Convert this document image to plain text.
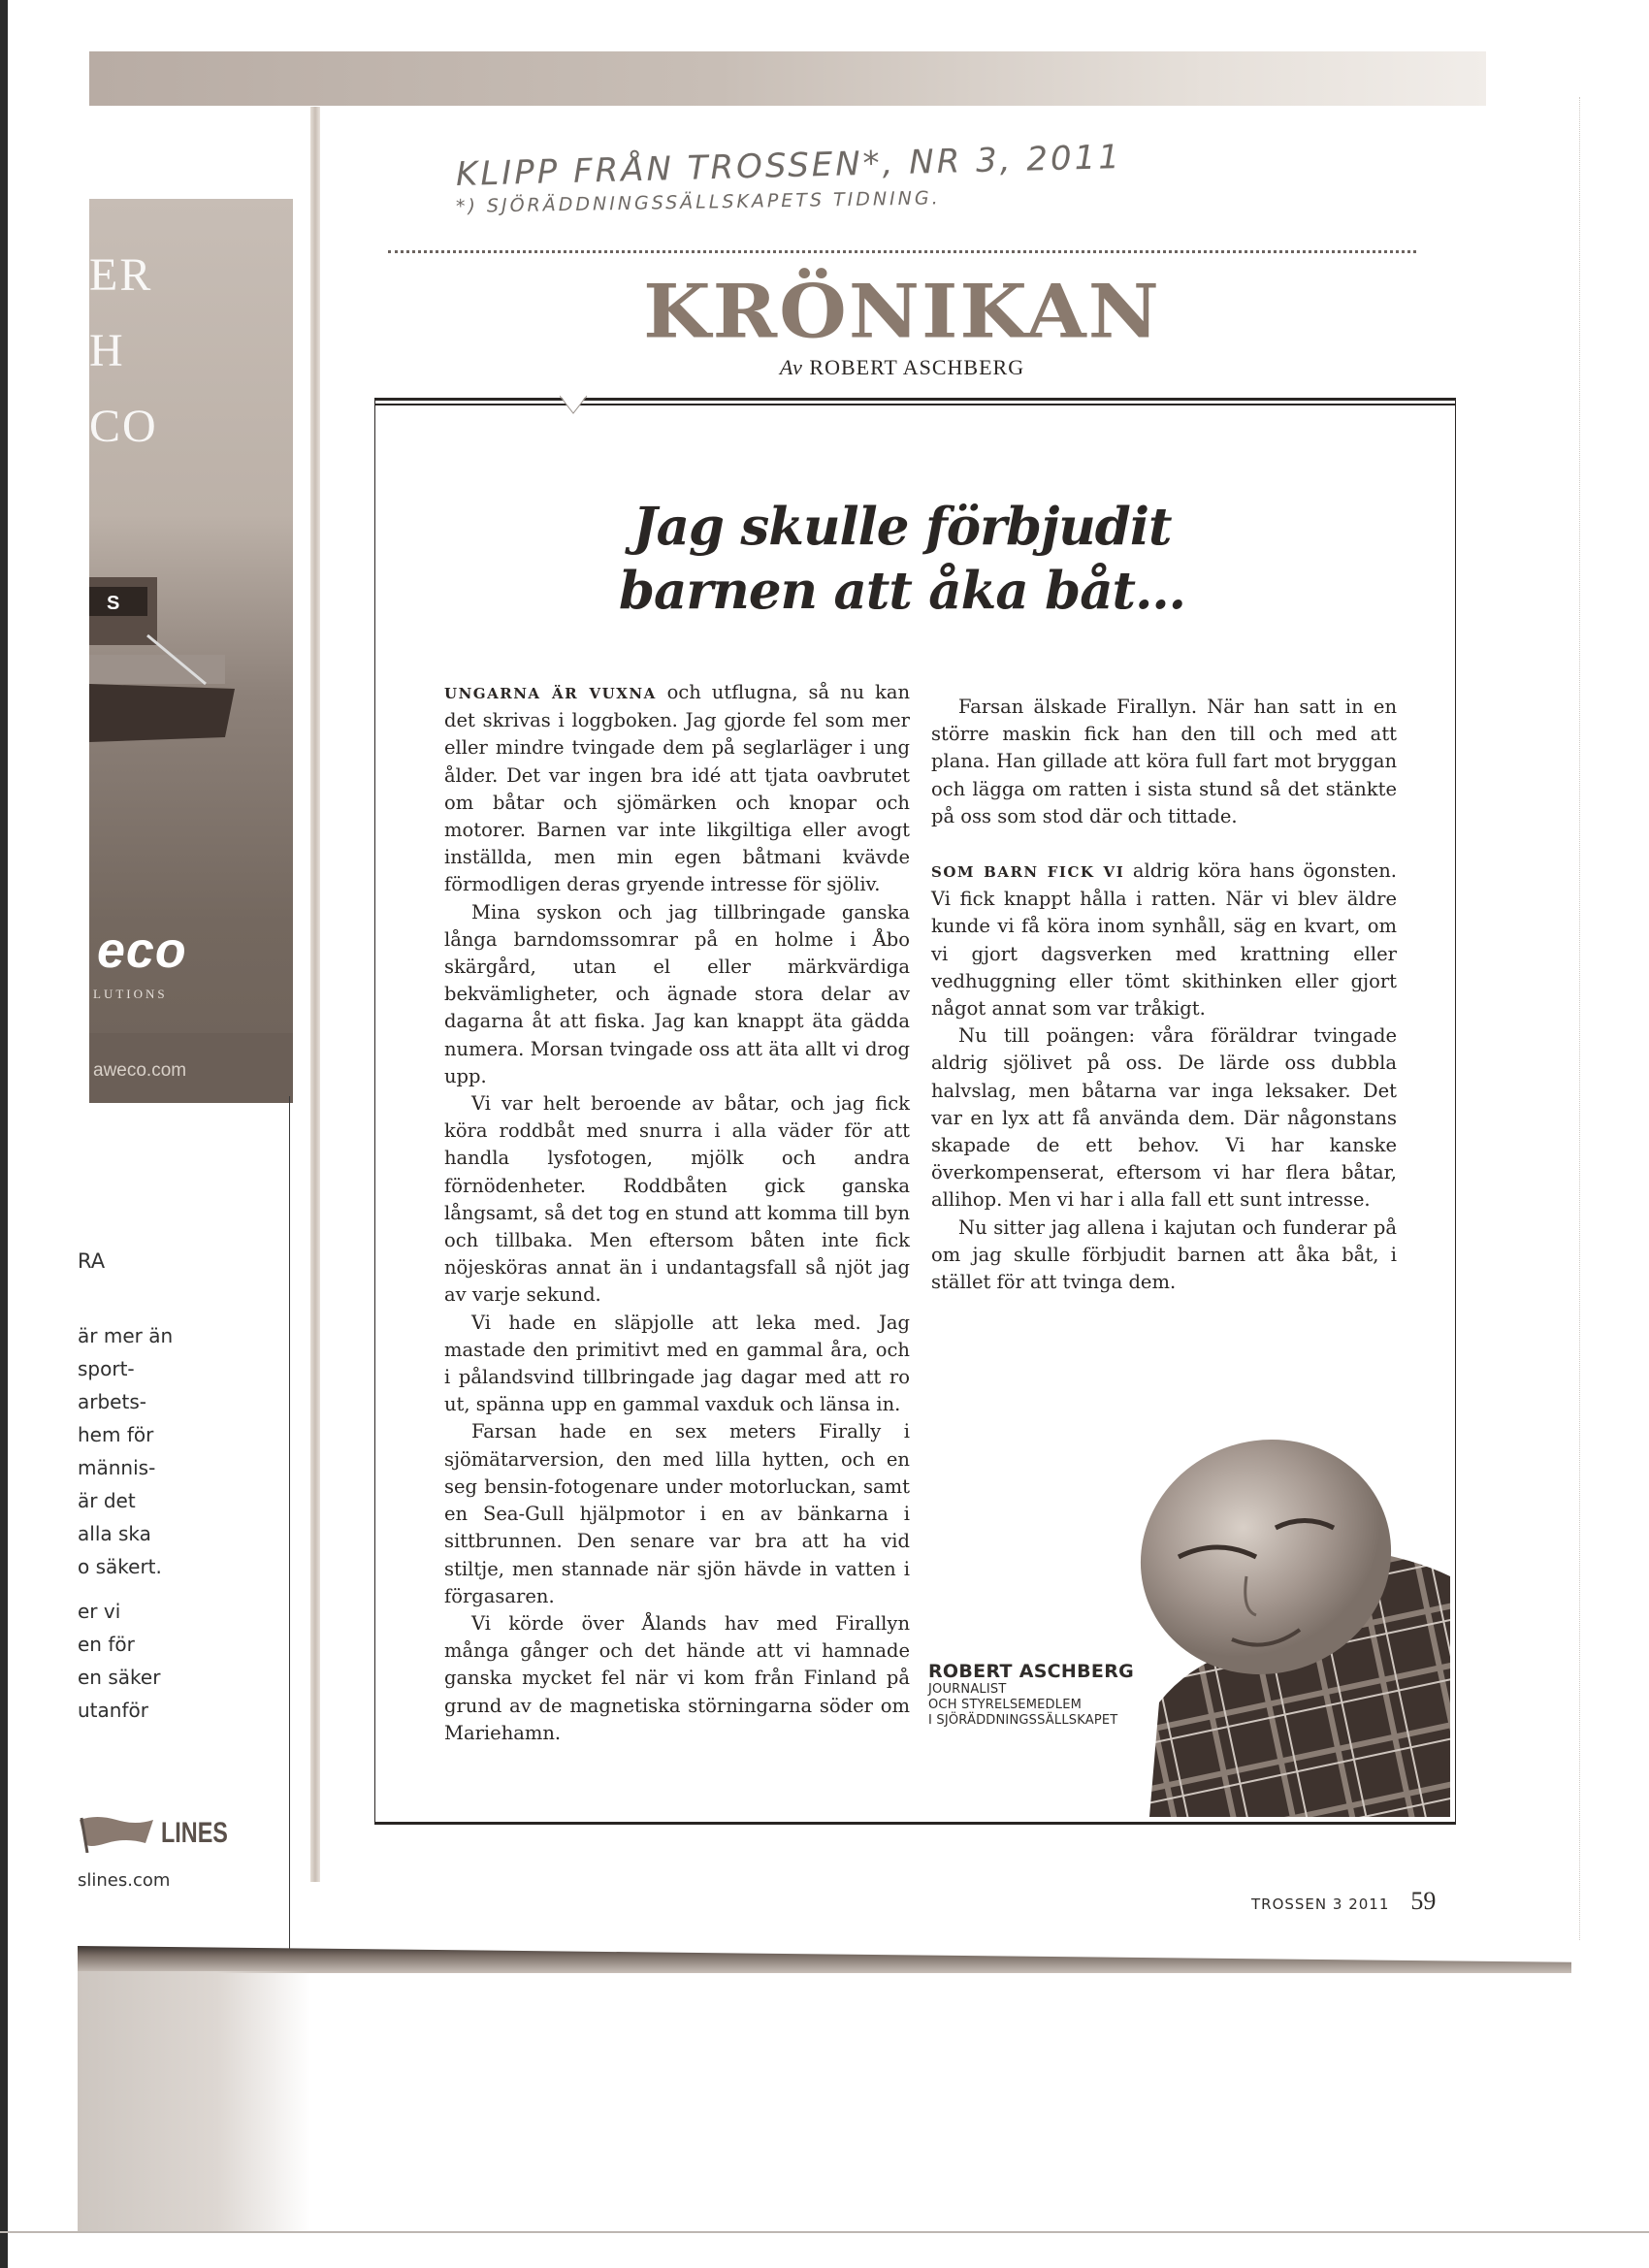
ER
H
CO
S
eco
LUTIONS
aweco.com
RA
är mer än
sport-
arbets-
hem för
männis-
är det
alla ska
o säkert.
er vi
en för
en säker
utanför
LINES
slines.com
KLIPP FRÅN TROSSEN*, NR 3, 2011
*) SJÖRÄDDNINGSSÄLLSKAPETS TIDNING.
KRÖNIKAN
Av ROBERT ASCHBERG
Jag skulle förbjudit
barnen att åka båt…

UNGARNA ÄR VUXNA och utflugna, så nu kan det skrivas i loggboken. Jag gjorde fel som mer eller mindre tvingade dem på seglarläger i ung ålder. Det var ingen bra idé att tjata oavbrutet om båtar och sjömärken och knopar och motorer. Barnen var inte likgiltiga eller avogt inställda, men min egen båtmani kvävde förmodligen deras gryende intresse för sjöliv.

Mina syskon och jag tillbringade ganska långa barndomssomrar på en holme i Åbo skärgård, utan el eller märkvärdiga bekvämligheter, och ägnade stora delar av dagarna åt att fiska. Jag kan knappt äta gädda numera. Morsan tvingade oss att äta allt vi drog upp.

Vi var helt beroende av båtar, och jag fick köra roddbåt med snurra i alla väder för att handla lysfotogen, mjölk och andra förnödenheter. Roddbåten gick ganska långsamt, så det tog en stund att komma till byn och tillbaka. Men eftersom båten inte fick nöjesköras annat än i undantagsfall så njöt jag av varje sekund.

Vi hade en släpjolle att leka med. Jag mastade den primitivt med en gammal åra, och i pålandsvind tillbringade jag dagar med att ro ut, spänna upp en gammal vaxduk och länsa in.

Farsan hade en sex meters Firally i sjömätarversion, den med lilla hytten, och en seg bensin-fotogenare under motorluckan, samt en Sea-Gull hjälpmotor i en av bänkarna i sittbrunnen. Den senare var bra att ha vid stiltje, men stannade när sjön hävde in vatten i förgasaren.

Vi körde över Ålands hav med Firallyn många gånger och det hände att vi hamnade ganska mycket fel när vi kom från Finland på grund av de magnetiska störningarna söder om Mariehamn.

Farsan älskade Firallyn. När han satt in en större maskin fick han den till och med att plana. Han gillade att köra full fart mot bryggan och lägga om ratten i sista stund så det stänkte på oss som stod där och tittade.

SOM BARN FICK VI aldrig köra hans ögonsten. Vi fick knappt hålla i ratten. När vi blev äldre kunde vi få köra inom synhåll, säg en kvart, om vi gjort dagsverken med krattning eller vedhuggning eller tömt skithinken eller gjort något annat som var tråkigt.

Nu till poängen: våra föräldrar tvingade aldrig sjölivet på oss. De lärde oss dubbla halvslag, men båtarna var inga leksaker. Det var en lyx att få använda dem. Där någonstans skapade de ett behov. Vi har kanske överkompenserat, eftersom vi har flera båtar, allihop. Men vi har i alla fall ett sunt intresse.

Nu sitter jag allena i kajutan och funderar på om jag skulle förbjudit barnen att åka båt, i stället för att tvinga dem.

ROBERT ASCHBERG
JOURNALIST
OCH STYRELSEMEDLEM
I SJÖRÄDDNINGSSÄLLSKAPET
TROSSEN 3 2011 59
